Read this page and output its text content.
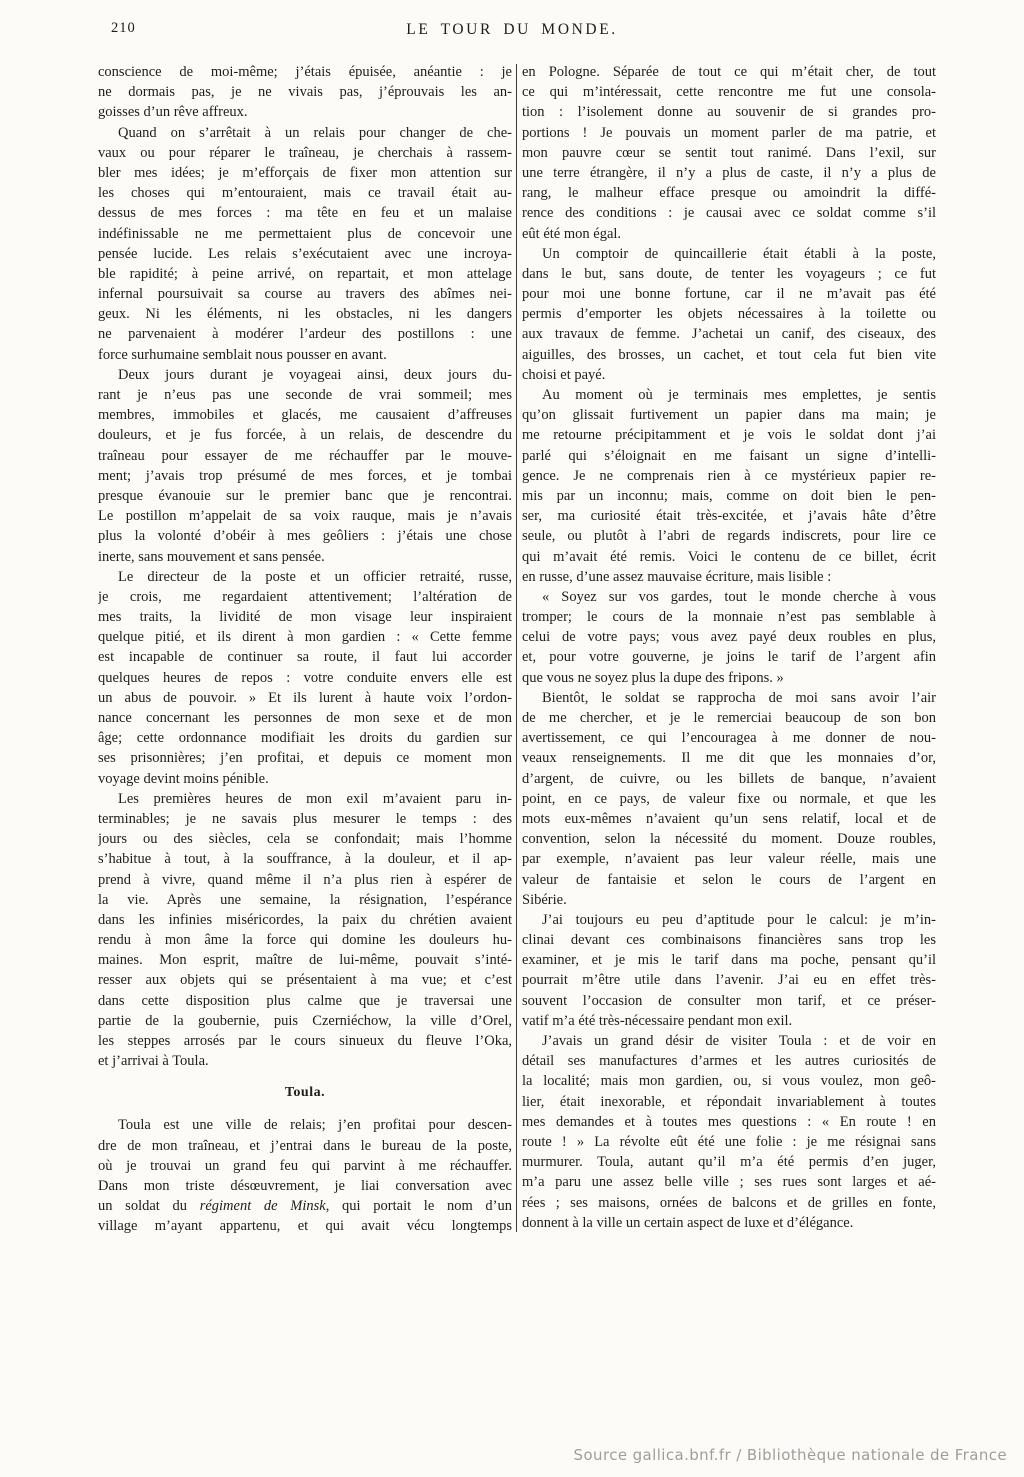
210	LE TOUR DU MONDE.
conscience de moi-même; j’étais épuisée, anéantie : je
ne dormais pas, je ne vivais pas, j’éprouvais les an-
goisses d’un rêve affreux.
Quand on s’arrêtait à un relais pour changer de che-
vaux ou pour réparer le traîneau, je cherchais à rassem-
bler mes idées; je m’efforçais de fixer mon attention sur
les choses qui m’entouraient, mais ce travail était au-
dessus de mes forces : ma tête en feu et un malaise
indéfinissable ne me permettaient plus de concevoir une
pensée lucide. Les relais s’exécutaient avec une incroya-
ble rapidité; à peine arrivé, on repartait, et mon attelage
infernal poursuivait sa course au travers des abîmes nei-
geux. Ni les éléments, ni les obstacles, ni les dangers
ne parvenaient à modérer l’ardeur des postillons : une
force surhumaine semblait nous pousser en avant.
Deux jours durant je voyageai ainsi, deux jours du-
rant je n’eus pas une seconde de vrai sommeil; mes
membres, immobiles et glacés, me causaient d’affreuses
douleurs, et je fus forcée, à un relais, de descendre du
traîneau pour essayer de me réchauffer par le mouve-
ment; j’avais trop présumé de mes forces, et je tombai
presque évanouie sur le premier banc que je rencontrai.
Le postillon m’appelait de sa voix rauque, mais je n’avais
plus la volonté d’obéir à mes geôliers : j’étais une chose
inerte, sans mouvement et sans pensée.
Le directeur de la poste et un officier retraité, russe,
je crois, me regardaient attentivement; l’altération de
mes traits, la lividité de mon visage leur inspiraient
quelque pitié, et ils dirent à mon gardien : « Cette femme
est incapable de continuer sa route, il faut lui accorder
quelques heures de repos : votre conduite envers elle est
un abus de pouvoir. » Et ils lurent à haute voix l’ordon-
nance concernant les personnes de mon sexe et de mon
âge; cette ordonnance modifiait les droits du gardien sur
ses prisonnières; j’en profitai, et depuis ce moment mon
voyage devint moins pénible.
Les premières heures de mon exil m’avaient paru in-
terminables; je ne savais plus mesurer le temps : des
jours ou des siècles, cela se confondait; mais l’homme
s’habitue à tout, à la souffrance, à la douleur, et il ap-
prend à vivre, quand même il n’a plus rien à espérer de
la vie. Après une semaine, la résignation, l’espérance
dans les infinies miséricordes, la paix du chrétien avaient
rendu à mon âme la force qui domine les douleurs hu-
maines. Mon esprit, maître de lui-même, pouvait s’inté-
resser aux objets qui se présentaient à ma vue; et c’est
dans cette disposition plus calme que je traversai une
partie de la goubernie, puis Czerniéchow, la ville d’Orel,
les steppes arrosés par le cours sinueux du fleuve l’Oka,
et j’arrivai à Toula.
Toula.
Toula est une ville de relais; j’en profitai pour descen-
dre de mon traîneau, et j’entrai dans le bureau de la poste,
où je trouvai un grand feu qui parvint à me réchauffer.
Dans mon triste désœuvrement, je liai conversation avec
un soldat du régiment de Minsk, qui portait le nom d’un
village m’ayant appartenu, et qui avait vécu longtemps
en Pologne. Séparée de tout ce qui m’était cher, de tout
ce qui m’intéressait, cette rencontre me fut une consola-
tion : l’isolement donne au souvenir de si grandes pro-
portions ! Je pouvais un moment parler de ma patrie, et
mon pauvre cœur se sentit tout ranimé. Dans l’exil, sur
une terre étrangère, il n’y a plus de caste, il n’y a plus de
rang, le malheur efface presque ou amoindrit la diffé-
rence des conditions : je causai avec ce soldat comme s’il
eût été mon égal.
Un comptoir de quincaillerie était établi à la poste,
dans le but, sans doute, de tenter les voyageurs ; ce fut
pour moi une bonne fortune, car il ne m’avait pas été
permis d’emporter les objets nécessaires à la toilette ou
aux travaux de femme. J’achetai un canif, des ciseaux, des
aiguilles, des brosses, un cachet, et tout cela fut bien vite
choisi et payé.
Au moment où je terminais mes emplettes, je sentis
qu’on glissait furtivement un papier dans ma main; je
me retourne précipitamment et je vois le soldat dont j’ai
parlé qui s’éloignait en me faisant un signe d’intelli-
gence. Je ne comprenais rien à ce mystérieux papier re-
mis par un inconnu; mais, comme on doit bien le pen-
ser, ma curiosité était très-excitée, et j’avais hâte d’être
seule, ou plutôt à l’abri de regards indiscrets, pour lire ce
qui m’avait été remis. Voici le contenu de ce billet, écrit
en russe, d’une assez mauvaise écriture, mais lisible :
« Soyez sur vos gardes, tout le monde cherche à vous
tromper; le cours de la monnaie n’est pas semblable à
celui de votre pays; vous avez payé deux roubles en plus,
et, pour votre gouverne, je joins le tarif de l’argent afin
que vous ne soyez plus la dupe des fripons. »
Bientôt, le soldat se rapprocha de moi sans avoir l’air
de me chercher, et je le remerciai beaucoup de son bon
avertissement, ce qui l’encouragea à me donner de nou-
veaux renseignements. Il me dit que les monnaies d’or,
d’argent, de cuivre, ou les billets de banque, n’avaient
point, en ce pays, de valeur fixe ou normale, et que les
mots eux-mêmes n’avaient qu’un sens relatif, local et de
convention, selon la nécessité du moment. Douze roubles,
par exemple, n’avaient pas leur valeur réelle, mais une
valeur de fantaisie et selon le cours de l’argent en
Sibérie.
J’ai toujours eu peu d’aptitude pour le calcul: je m’in-
clinai devant ces combinaisons financières sans trop les
examiner, et je mis le tarif dans ma poche, pensant qu’il
pourrait m’être utile dans l’avenir. J’ai eu en effet très-
souvent l’occasion de consulter mon tarif, et ce préser-
vatif m’a été très-nécessaire pendant mon exil.
J’avais un grand désir de visiter Toula : et de voir en
détail ses manufactures d’armes et les autres curiosités de
la localité; mais mon gardien, ou, si vous voulez, mon geô-
lier, était inexorable, et répondait invariablement à toutes
mes demandes et à toutes mes questions : « En route ! en
route ! » La révolte eût été une folie : je me résignai sans
murmurer. Toula, autant qu’il m’a été permis d’en juger,
m’a paru une assez belle ville ; ses rues sont larges et aé-
rées ; ses maisons, ornées de balcons et de grilles en fonte,
donnent à la ville un certain aspect de luxe et d’élégance.
Source gallica.bnf.fr / Bibliothèque nationale de France
